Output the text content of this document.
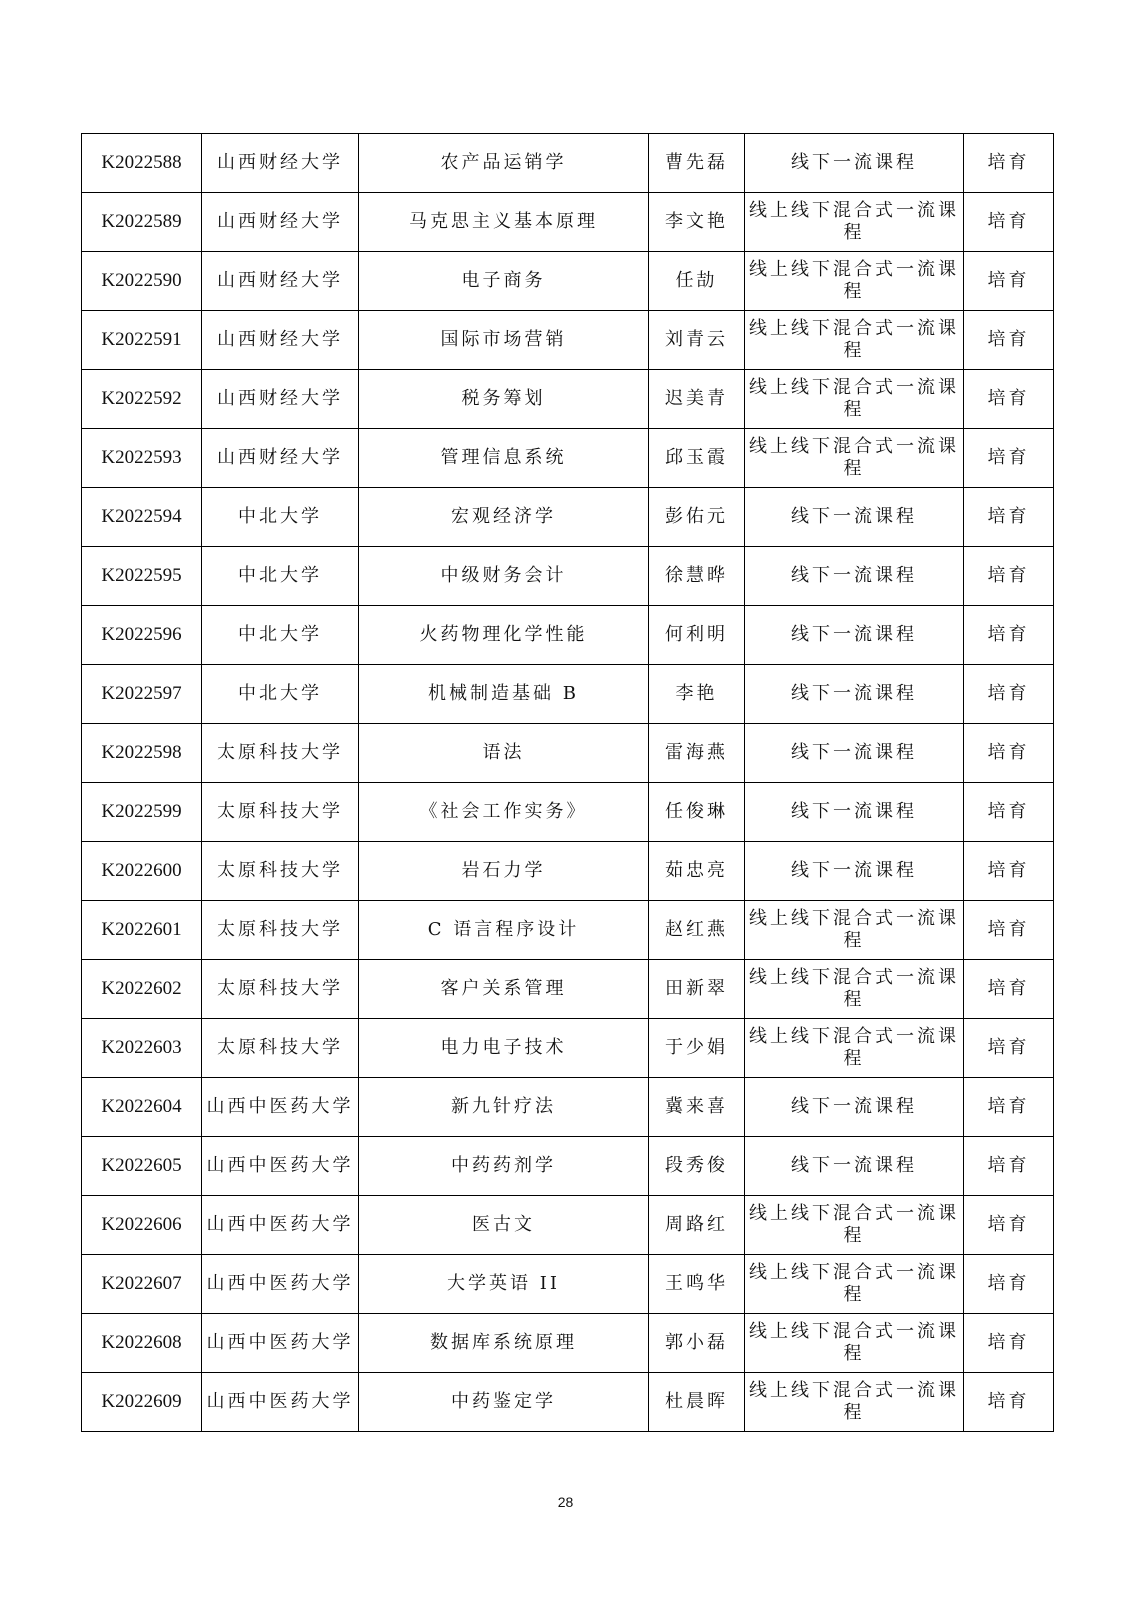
K2022588	山西财经大学	农产品运销学	曹先磊	线下一流课程	培育
K2022589	山西财经大学	马克思主义基本原理	李文艳	线上线下混合式一流课程	培育
K2022590	山西财经大学	电子商务	任劼	线上线下混合式一流课程	培育
K2022591	山西财经大学	国际市场营销	刘青云	线上线下混合式一流课程	培育
K2022592	山西财经大学	税务筹划	迟美青	线上线下混合式一流课程	培育
K2022593	山西财经大学	管理信息系统	邱玉霞	线上线下混合式一流课程	培育
K2022594	中北大学	宏观经济学	彭佑元	线下一流课程	培育
K2022595	中北大学	中级财务会计	徐慧晔	线下一流课程	培育
K2022596	中北大学	火药物理化学性能	何利明	线下一流课程	培育
K2022597	中北大学	机械制造基础 B	李艳	线下一流课程	培育
K2022598	太原科技大学	语法	雷海燕	线下一流课程	培育
K2022599	太原科技大学	《社会工作实务》	任俊琳	线下一流课程	培育
K2022600	太原科技大学	岩石力学	茹忠亮	线下一流课程	培育
K2022601	太原科技大学	C 语言程序设计	赵红燕	线上线下混合式一流课程	培育
K2022602	太原科技大学	客户关系管理	田新翠	线上线下混合式一流课程	培育
K2022603	太原科技大学	电力电子技术	于少娟	线上线下混合式一流课程	培育
K2022604	山西中医药大学	新九针疗法	冀来喜	线下一流课程	培育
K2022605	山西中医药大学	中药药剂学	段秀俊	线下一流课程	培育
K2022606	山西中医药大学	医古文	周路红	线上线下混合式一流课程	培育
K2022607	山西中医药大学	大学英语 II	王鸣华	线上线下混合式一流课程	培育
K2022608	山西中医药大学	数据库系统原理	郭小磊	线上线下混合式一流课程	培育
K2022609	山西中医药大学	中药鉴定学	杜晨晖	线上线下混合式一流课程	培育
28
